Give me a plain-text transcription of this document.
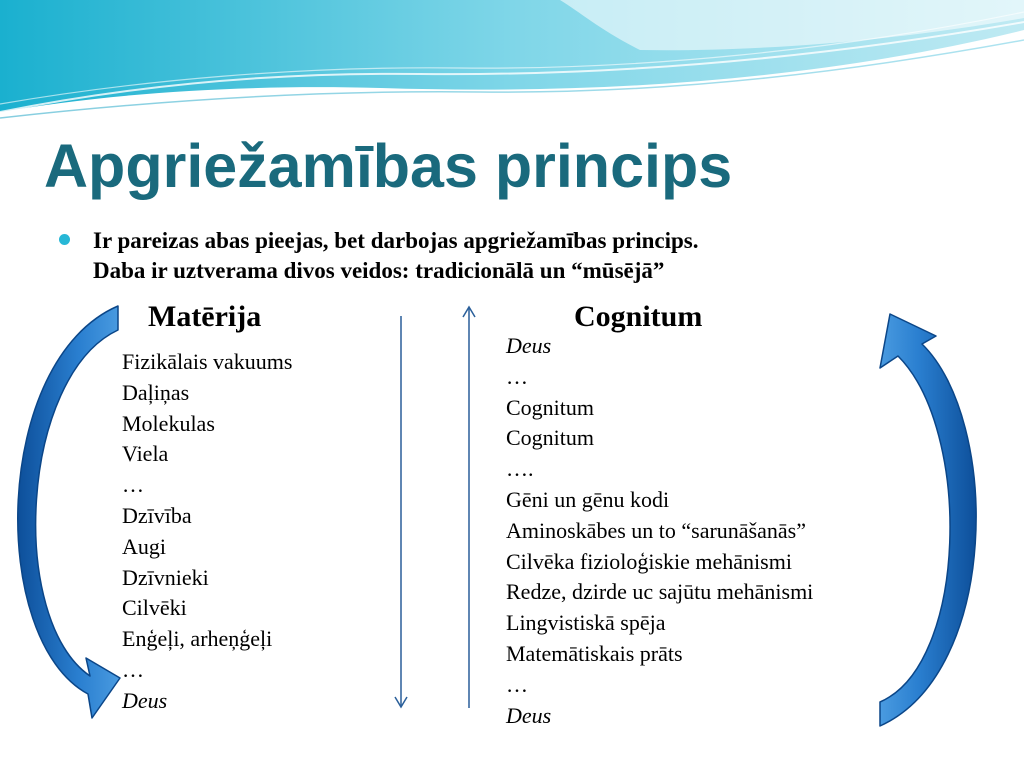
Apgriežamības princips
Ir pareizas abas pieejas, bet darbojas apgriežamības princips.
Daba ir uztverama divos veidos: tradicionālā un “mūsējā”
Matērija	Cognitum
Fizikālais vakuums
Daļiņas
Molekulas
Viela
…
Dzīvība
Augi
Dzīvnieki
Cilvēki
Enģeļi, arheņģeļi
…
Deus
Deus
…
Cognitum
Cognitum
….
Gēni un gēnu kodi
Aminoskābes un to “sarunāšanās”
Cilvēka fizioloģiskie mehānismi
Redze, dzirde uc sajūtu mehānismi
Lingvistiskā spēja
Matemātiskais prāts
…
Deus
